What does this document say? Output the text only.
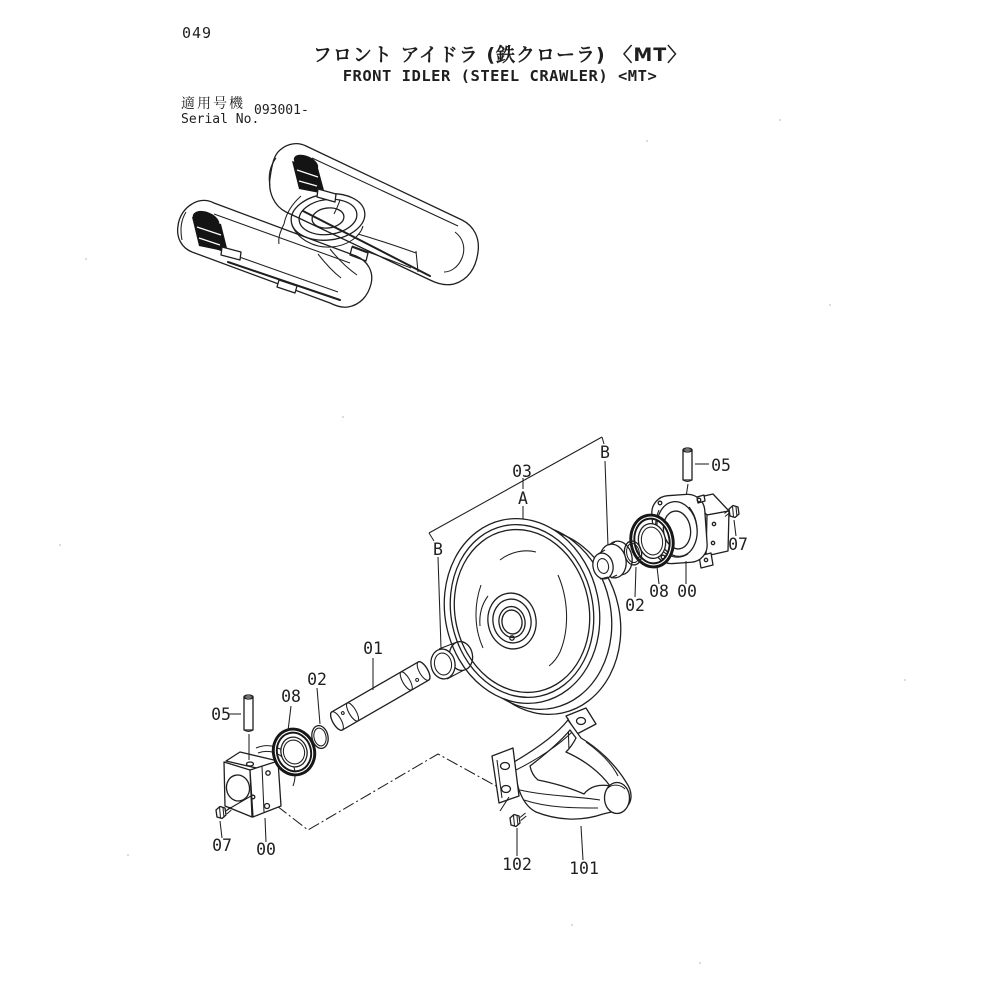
049
フロント アイドラ (鉄クローラ) 〈MT〉
FRONT IDLER (STEEL CRAWLER) <MT>
適用号機
Serial No.
093001-
03
A
B
B
05
07
02
08 00
01
02
08
05
07 00
102 101
